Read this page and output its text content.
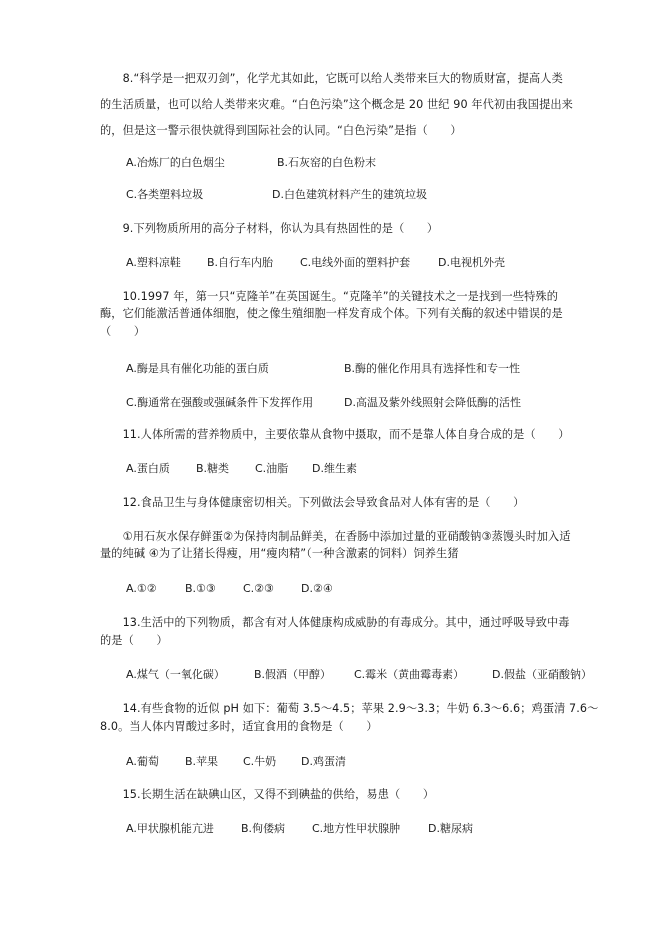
　　8.“科学是一把双刃剑”，化学尤其如此，它既可以给人类带来巨大的物质财富，提高人类
的生活质量，也可以给人类带来灾难。“白色污染”这个概念是 20 世纪 90 年代初由我国提出来
的，但是这一警示很快就得到国际社会的认同。“白色污染”是指（　　）
A.冶炼厂的白色烟尘	B.石灰窑的白色粉末
C.各类塑料垃圾	D.白色建筑材料产生的建筑垃圾
　　9.下列物质所用的高分子材料，你认为具有热固性的是（　　）
A.塑料凉鞋 B.自行车内胎 C.电线外面的塑料护套	D.电视机外壳
　　10.1997 年，第一只“克隆羊”在英国诞生。“克隆羊”的关键技术之一是找到一些特殊的
酶，它们能激活普通体细胞，使之像生殖细胞一样发育成个体。下列有关酶的叙述中错误的是
（　　）
A.酶是具有催化功能的蛋白质	B.酶的催化作用具有选择性和专一性
C.酶通常在强酸或强碱条件下发挥作用	D.高温及紫外线照射会降低酶的活性
　　11.人体所需的营养物质中，主要依靠从食物中摄取，而不是靠人体自身合成的是（　　）
A.蛋白质 B.糖类 C.油脂 D.维生素
　　12.食品卫生与身体健康密切相关。下列做法会导致食品对人体有害的是（　　）
　　①用石灰水保存鲜蛋②为保持肉制品鲜美，在香肠中添加过量的亚硝酸钠③蒸馒头时加入适
量的纯碱 ④为了让猪长得瘦，用“瘦肉精”（一种含激素的饲料）饲养生猪
A.①②	B.①③ C.②③ D.②④
　　13.生活中的下列物质，都含有对人体健康构成威胁的有毒成分。其中，通过呼吸导致中毒
的是（　　）
A.煤气（一氧化碳）	B.假酒（甲醇） C.霉米（黄曲霉毒素）	D.假盐（亚硝酸钠）
　　14.有些食物的近似 pH 如下：葡萄 3.5～4.5；苹果 2.9～3.3；牛奶 6.3～6.6；鸡蛋清 7.6～
8.0。当人体内胃酸过多时，适宜食用的食物是（　　）
A.葡萄 B.苹果 C.牛奶 D.鸡蛋清
　　15.长期生活在缺碘山区，又得不到碘盐的供给，易患（　　）
A.甲状腺机能亢进 B.佝偻病 C.地方性甲状腺肿	D.糖尿病
